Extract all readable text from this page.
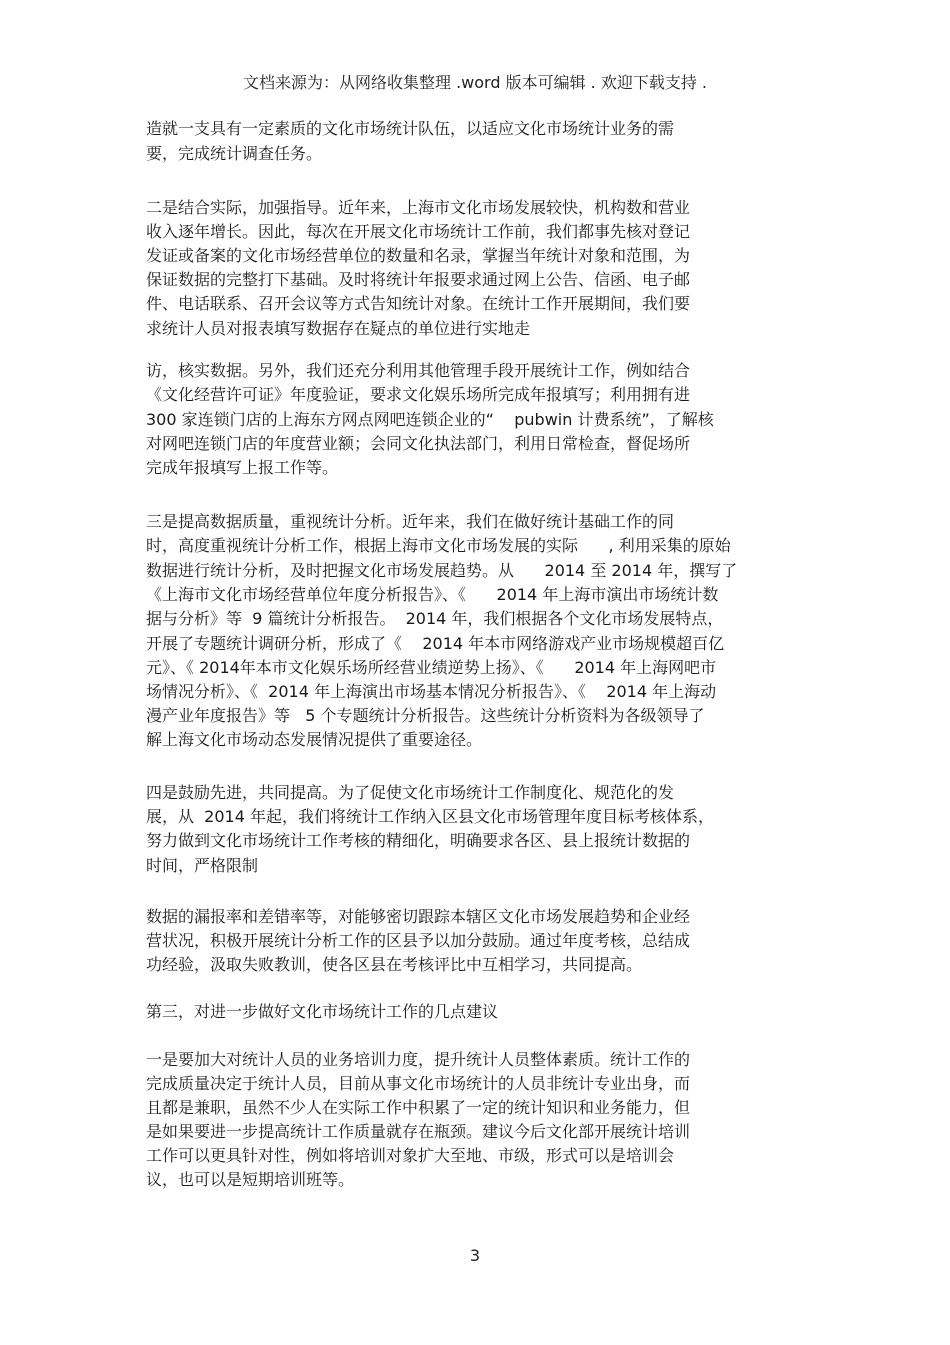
文档来源为：从网络收集整理 .word 版本可编辑 . 欢迎下载支持 .
造就一支具有一定素质的文化市场统计队伍，以适应文化市场统计业务的需
要，完成统计调查任务。
二是结合实际，加强指导。近年来，上海市文化市场发展较快，机构数和营业
收入逐年增长。因此，每次在开展文化市场统计工作前，我们都事先核对登记
发证或备案的文化市场经营单位的数量和名录，掌握当年统计对象和范围，为
保证数据的完整打下基础。及时将统计年报要求通过网上公告、信函、电子邮
件、电话联系、召开会议等方式告知统计对象。在统计工作开展期间，我们要
求统计人员对报表填写数据存在疑点的单位进行实地走
访，核实数据。另外，我们还充分利用其他管理手段开展统计工作，例如结合
《文化经营许可证》年度验证，要求文化娱乐场所完成年报填写；利用拥有进
300 家连锁门店的上海东方网点网吧连锁企业的“    pubwin 计费系统”，了解核
对网吧连锁门店的年度营业额；会同文化执法部门，利用日常检查，督促场所
完成年报填写上报工作等。
三是提高数据质量，重视统计分析。近年来，我们在做好统计基础工作的同
时，高度重视统计分析工作，根据上海市文化市场发展的实际      , 利用采集的原始
数据进行统计分析，及时把握文化市场发展趋势。从      2014 至 2014 年，撰写了
《上海市文化市场经营单位年度分析报告》、《      2014 年上海市演出市场统计数
据与分析》等  9 篇统计分析报告。  2014 年，我们根据各个文化市场发展特点，
开展了专题统计调研分析，形成了《    2014 年本市网络游戏产业市场规模超百亿
元》、《 2014年本市文化娱乐场所经营业绩逆势上扬》、《      2014 年上海网吧市
场情况分析》、《  2014 年上海演出市场基本情况分析报告》、《    2014 年上海动
漫产业年度报告》等   5 个专题统计分析报告。这些统计分析资料为各级领导了
解上海文化市场动态发展情况提供了重要途径。
四是鼓励先进，共同提高。为了促使文化市场统计工作制度化、规范化的发
展，从  2014 年起，我们将统计工作纳入区县文化市场管理年度目标考核体系，
努力做到文化市场统计工作考核的精细化，明确要求各区、县上报统计数据的
时间，严格限制
数据的漏报率和差错率等，对能够密切跟踪本辖区文化市场发展趋势和企业经
营状况，积极开展统计分析工作的区县予以加分鼓励。通过年度考核，总结成
功经验，汲取失败教训，使各区县在考核评比中互相学习，共同提高。
第三，对进一步做好文化市场统计工作的几点建议
一是要加大对统计人员的业务培训力度，提升统计人员整体素质。统计工作的
完成质量决定于统计人员，目前从事文化市场统计的人员非统计专业出身，而
且都是兼职，虽然不少人在实际工作中积累了一定的统计知识和业务能力，但
是如果要进一步提高统计工作质量就存在瓶颈。建议今后文化部开展统计培训
工作可以更具针对性，例如将培训对象扩大至地、市级，形式可以是培训会
议，也可以是短期培训班等。
3
